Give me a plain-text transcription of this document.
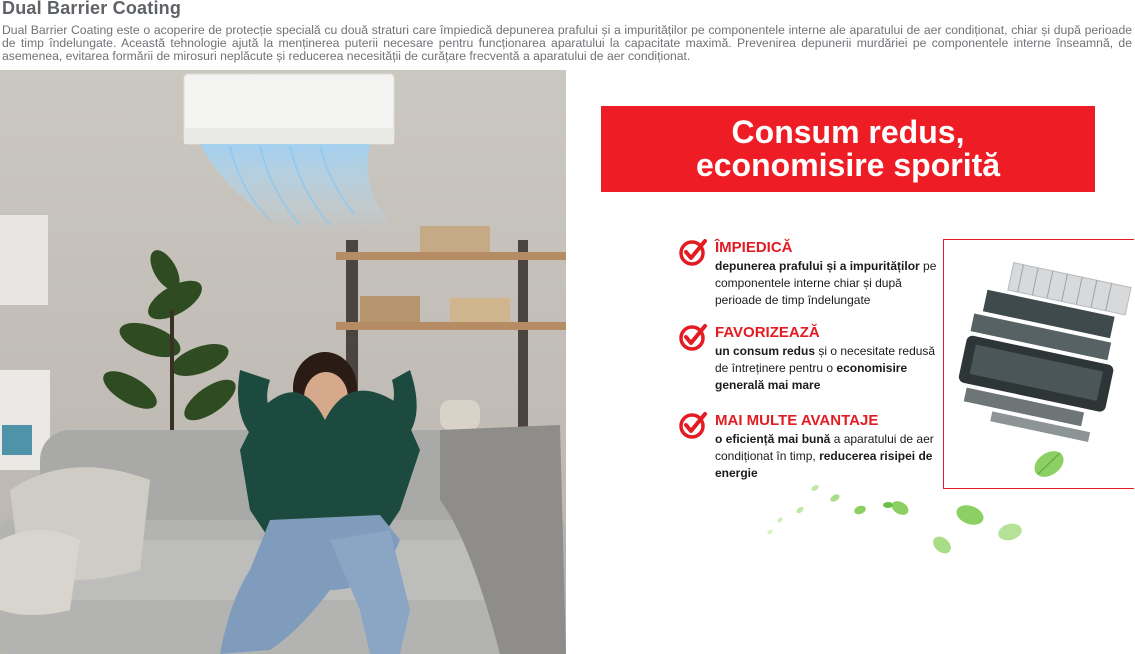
Dual Barrier Coating
Dual Barrier Coating este o acoperire de protecție specială cu două straturi care împiedică depunerea prafului și a impurităților pe componentele interne ale aparatului de aer condiționat, chiar și după perioade de timp îndelungate. Această tehnologie ajută la menținerea puterii necesare pentru funcționarea aparatului la capacitate maximă. Prevenirea depunerii murdăriei pe componentele interne înseamnă, de asemenea, evitarea formării de mirosuri neplăcute și reducerea necesității de curățare frecventă a aparatului de aer condiționat.
Consum redus,
economisire sporită
ÎMPIEDICĂ
depunerea prafului și a impurităților pe componentele interne chiar și după perioade de timp îndelungate
FAVORIZEAZĂ
un consum redus și o necesitate redusă de întreținere pentru o economisire generală mai mare
MAI MULTE AVANTAJE
o eficiență mai bună a aparatului de aer condiționat în timp, reducerea risipei de energie
